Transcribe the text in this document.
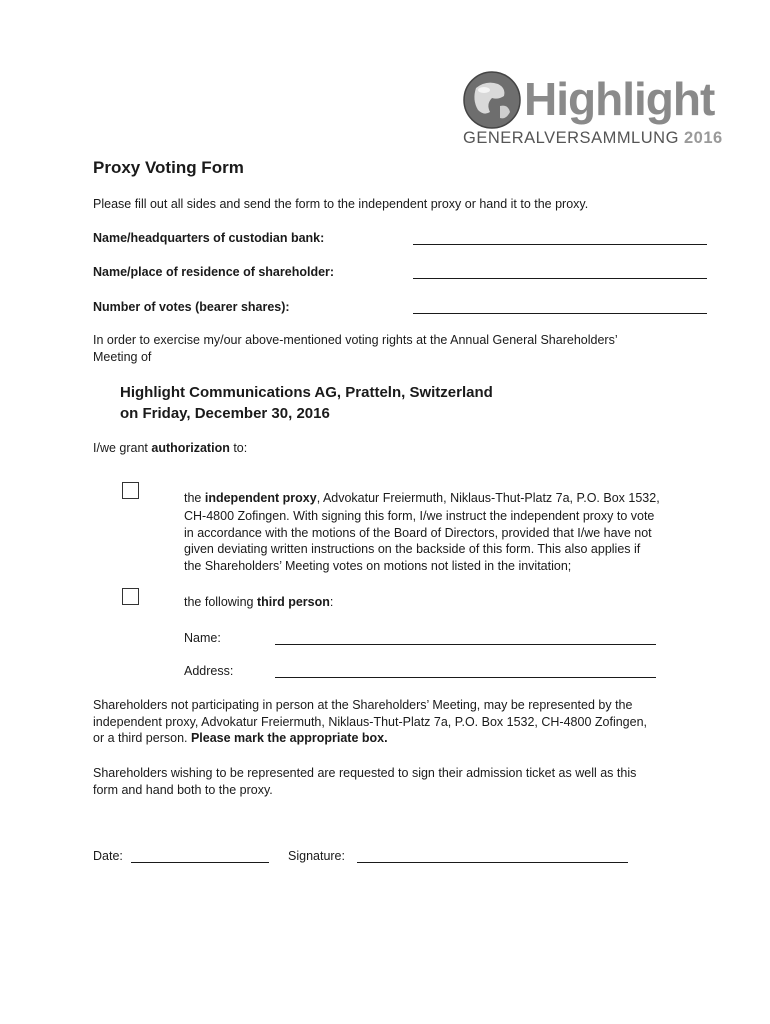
Highlight
GENERALVERSAMMLUNG 2016
Proxy Voting Form
Please fill out all sides and send the form to the independent proxy or hand it to the proxy.
Name/headquarters of custodian bank:
Name/place of residence of shareholder:
Number of votes (bearer shares):
In order to exercise my/our above-mentioned voting rights at the Annual General Shareholders’
Meeting of
Highlight Communications AG, Pratteln, Switzerland
on Friday, December 30, 2016
I/we grant authorization to:
the independent proxy, Advokatur Freiermuth, Niklaus-Thut-Platz 7a, P.O. Box 1532,
CH-4800 Zofingen. With signing this form, I/we instruct the independent proxy to vote
in accordance with the motions of the Board of Directors, provided that I/we have not
given deviating written instructions on the backside of this form. This also applies if
the Shareholders’ Meeting votes on motions not listed in the invitation;
the following third person:
Name:
Address:
Shareholders not participating in person at the Shareholders’ Meeting, may be represented by the
independent proxy, Advokatur Freiermuth, Niklaus-Thut-Platz 7a, P.O. Box 1532, CH-4800 Zofingen,
or a third person. Please mark the appropriate box.
Shareholders wishing to be represented are requested to sign their admission ticket as well as this
form and hand both to the proxy.
Date:	Signature:
